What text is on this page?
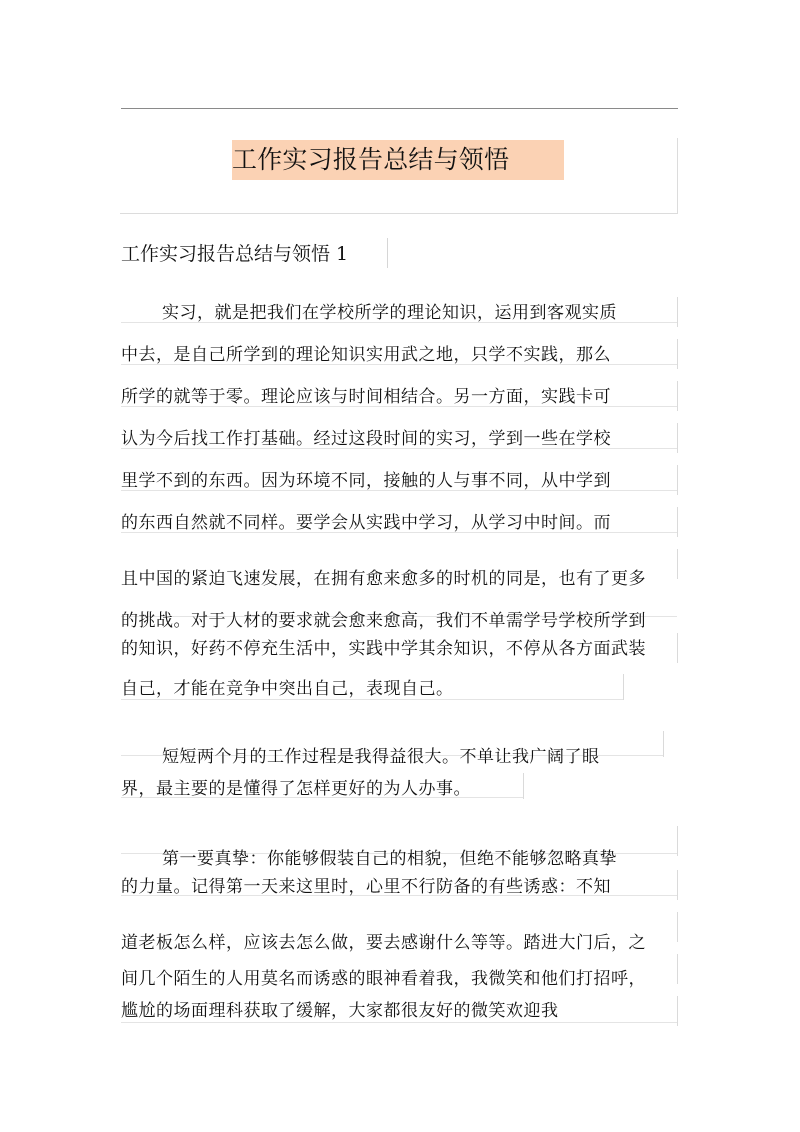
工作实习报告总结与领悟
工作实习报告总结与领悟 1
实习，就是把我们在学校所学的理论知识，运用到客观实质
中去，是自己所学到的理论知识实用武之地，只学不实践，那么
所学的就等于零。理论应该与时间相结合。另一方面，实践卡可
认为今后找工作打基础。经过这段时间的实习，学到一些在学校
里学不到的东西。因为环境不同，接触的人与事不同，从中学到
的东西自然就不同样。要学会从实践中学习，从学习中时间。而
且中国的紧迫飞速发展，在拥有愈来愈多的时机的同是，也有了更多
的挑战。对于人材的要求就会愈来愈高，我们不单需学号学校所学到
的知识，好药不停充生活中，实践中学其余知识，不停从各方面武装
自己，才能在竞争中突出自己，表现自己。
短短两个月的工作过程是我得益很大。不单让我广阔了眼
界，最主要的是懂得了怎样更好的为人办事。
第一要真挚：你能够假装自己的相貌，但绝不能够忽略真挚
的力量。记得第一天来这里时，心里不行防备的有些诱惑：不知
道老板怎么样，应该去怎么做，要去感谢什么等等。踏进大门后，之
间几个陌生的人用莫名而诱惑的眼神看着我，我微笑和他们打招呼，
尴尬的场面理科获取了缓解，大家都很友好的微笑欢迎我
